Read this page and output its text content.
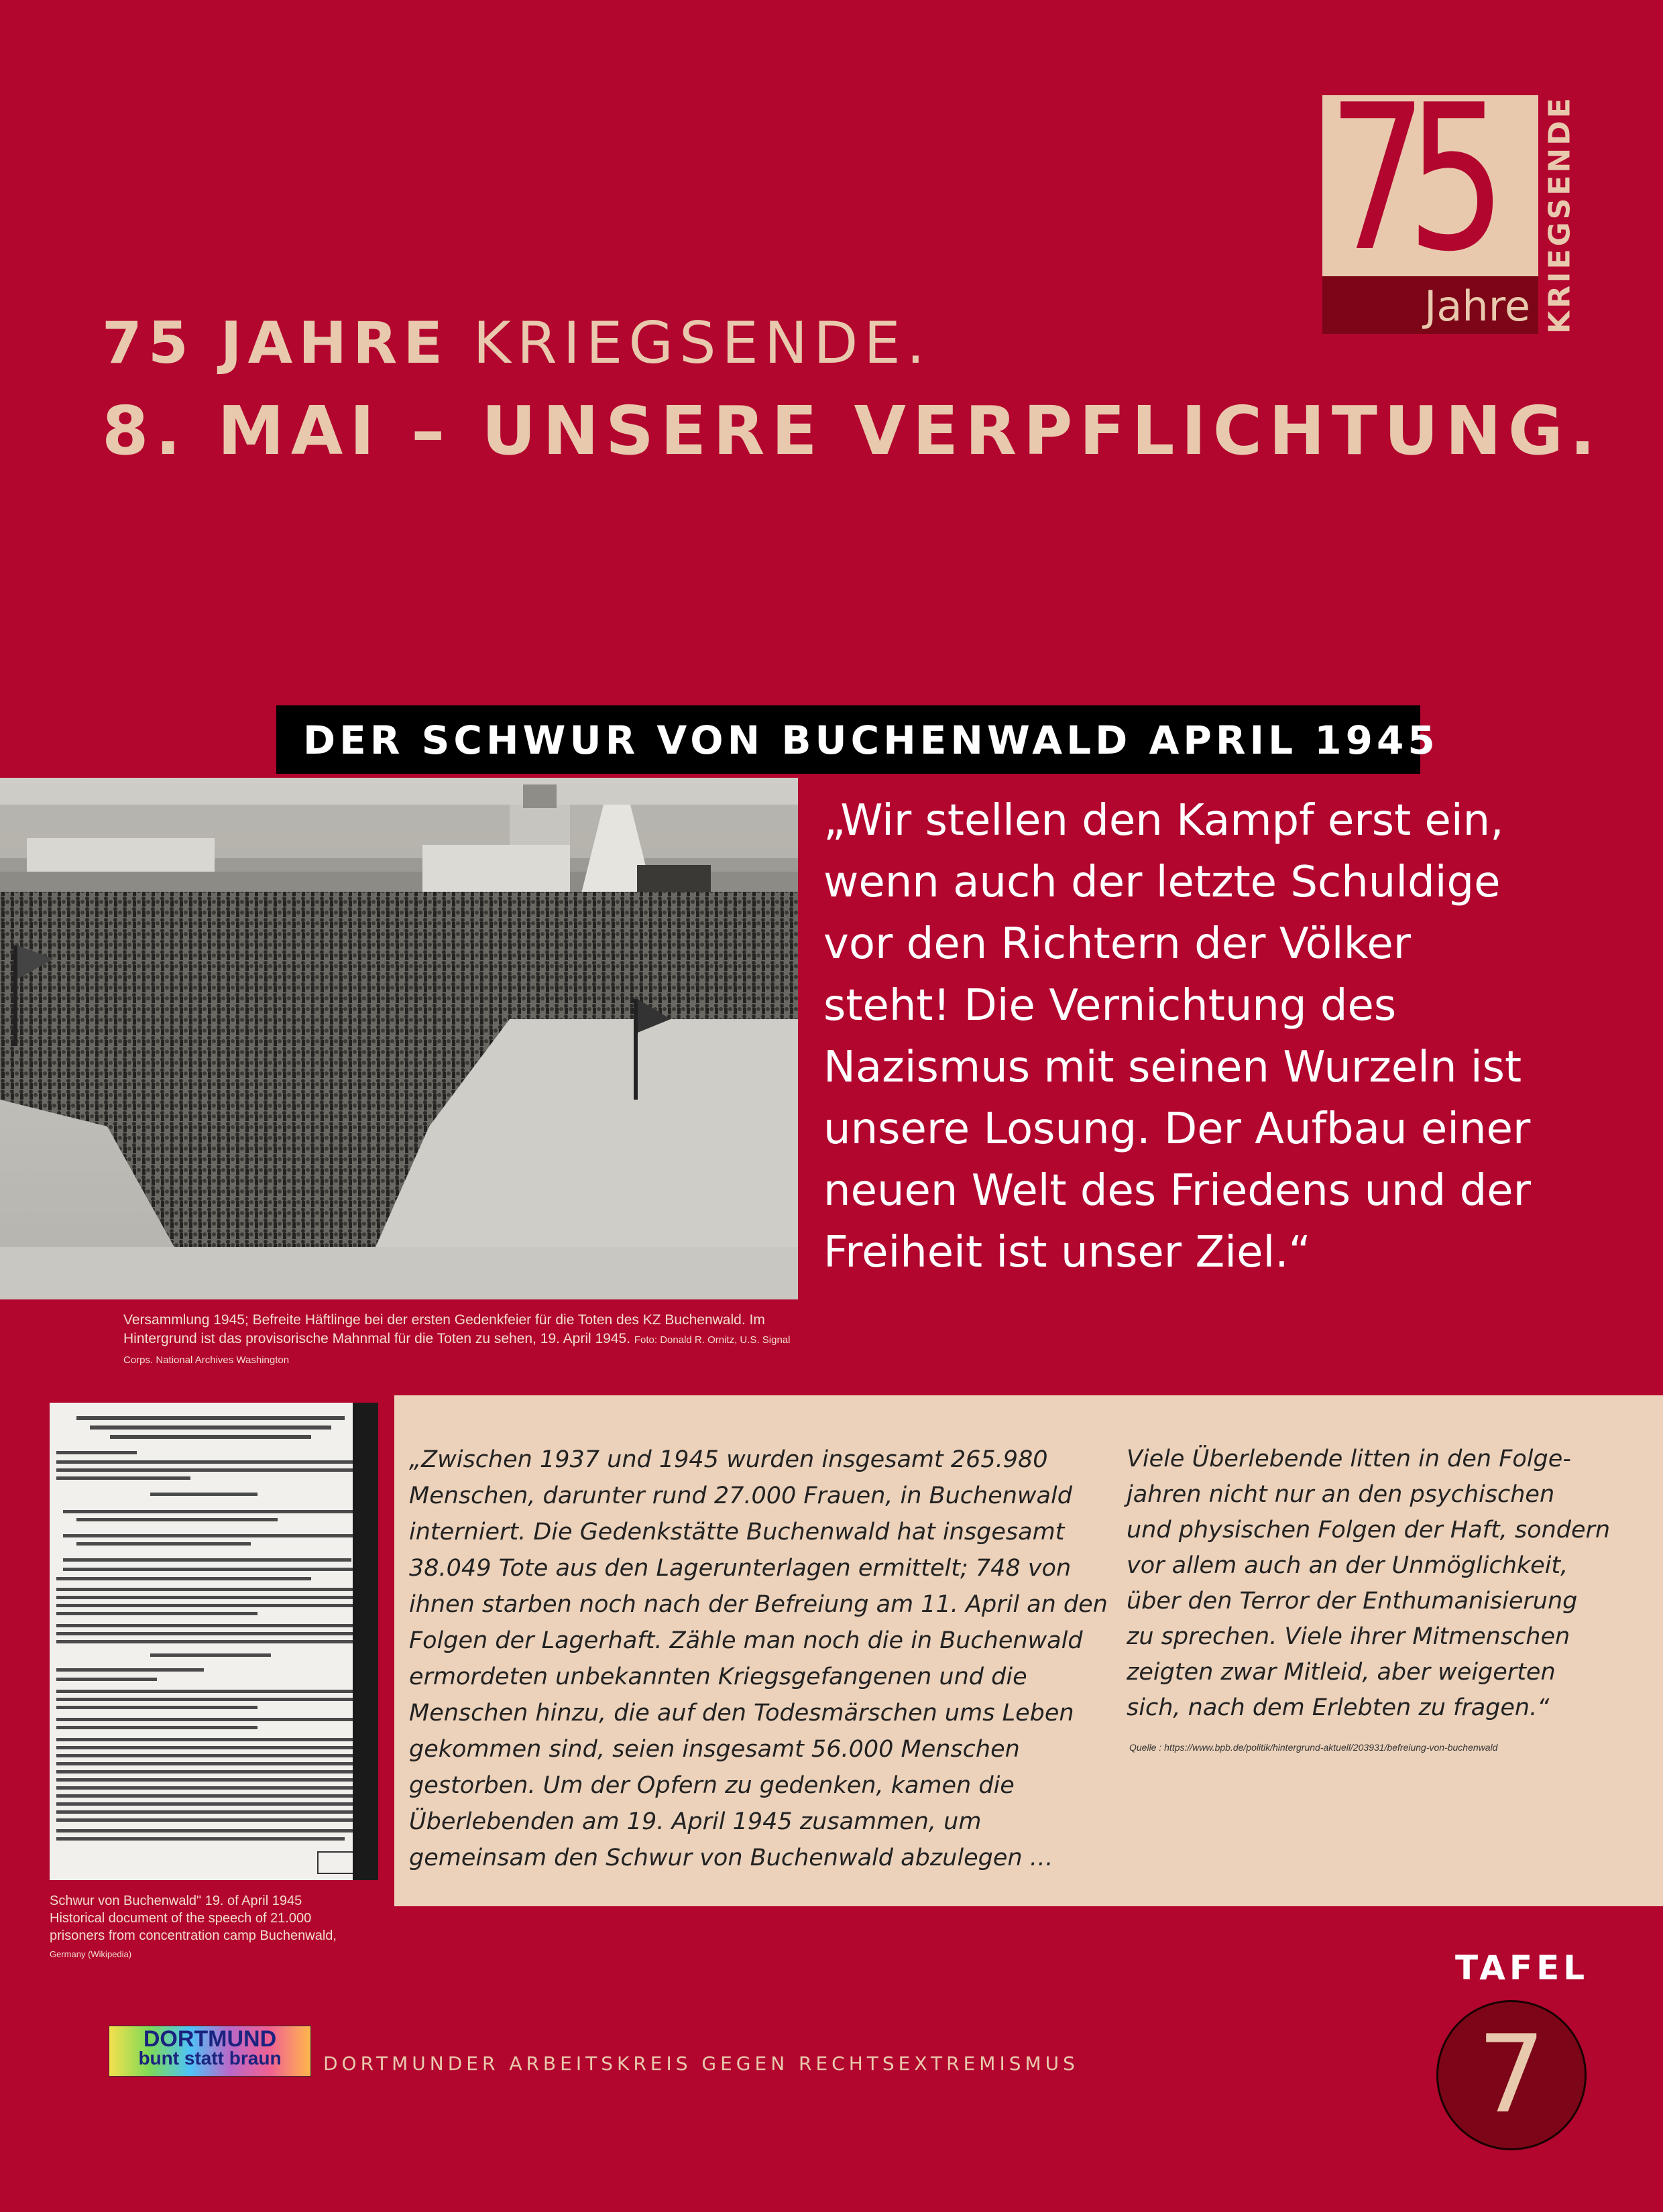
75
Jahre KRIEGSENDE
75 JAHRE KRIEGSENDE.
8. MAI – UNSERE VERPFLICHTUNG.
DER SCHWUR VON BUCHENWALD APRIL 1945
Versammlung 1945; Befreite Häftlinge bei der ersten Gedenkfeier für die Toten des KZ Buchenwald. Im Hintergrund ist das provisorische Mahnmal für die Toten zu sehen, 19. April 1945. Foto: Donald R. Ornitz, U.S. Signal Corps. National Archives Washington

„Wir stellen den Kampf erst ein,

wenn auch der letzte Schuldige

vor den Richtern der Völker

steht! Die Vernichtung des

Nazismus mit seinen Wurzeln ist

unsere Losung. Der Aufbau einer

neuen Welt des Friedens und der

Freiheit ist unser Ziel.“

Schwur von Buchenwald" 19. of April 1945 Historical document of the speech of 21.000 prisoners from concentration camp Buchenwald,
Germany (Wikipedia)

„Zwischen 1937 und 1945 wurden insgesamt 265.980

Menschen, darunter rund 27.000 Frauen, in Buchenwald

interniert. Die Gedenkstätte Buchenwald hat insgesamt

38.049 Tote aus den Lagerunterlagen ermittelt; 748 von

ihnen starben noch nach der Befreiung am 11. April an den

Folgen der Lagerhaft. Zähle man noch die in Buchenwald

ermordeten unbekannten Kriegsgefangenen und die

Menschen hinzu, die auf den Todesmärschen ums Leben

gekommen sind, seien insgesamt 56.000 Menschen

gestorben. Um der Opfern zu gedenken, kamen die

Überlebenden am 19. April 1945 zusammen, um

gemeinsam den Schwur von Buchenwald abzulegen …

Viele Überlebende litten in den Folge-

jahren nicht nur an den psychischen

und physischen Folgen der Haft, sondern

vor allem auch an der Unmöglichkeit,

über den Terror der Enthumanisierung

zu sprechen. Viele ihrer Mitmenschen

zeigten zwar Mitleid, aber weigerten

sich, nach dem Erlebten zu fragen.“

Quelle : https://www.bpb.de/politik/hintergrund-aktuell/203931/befreiung-von-buchenwald
TAFEL
7
DORTMUND
bunt statt braun	DORTMUNDER ARBEITSKREIS GEGEN RECHTSEXTREMISMUS
